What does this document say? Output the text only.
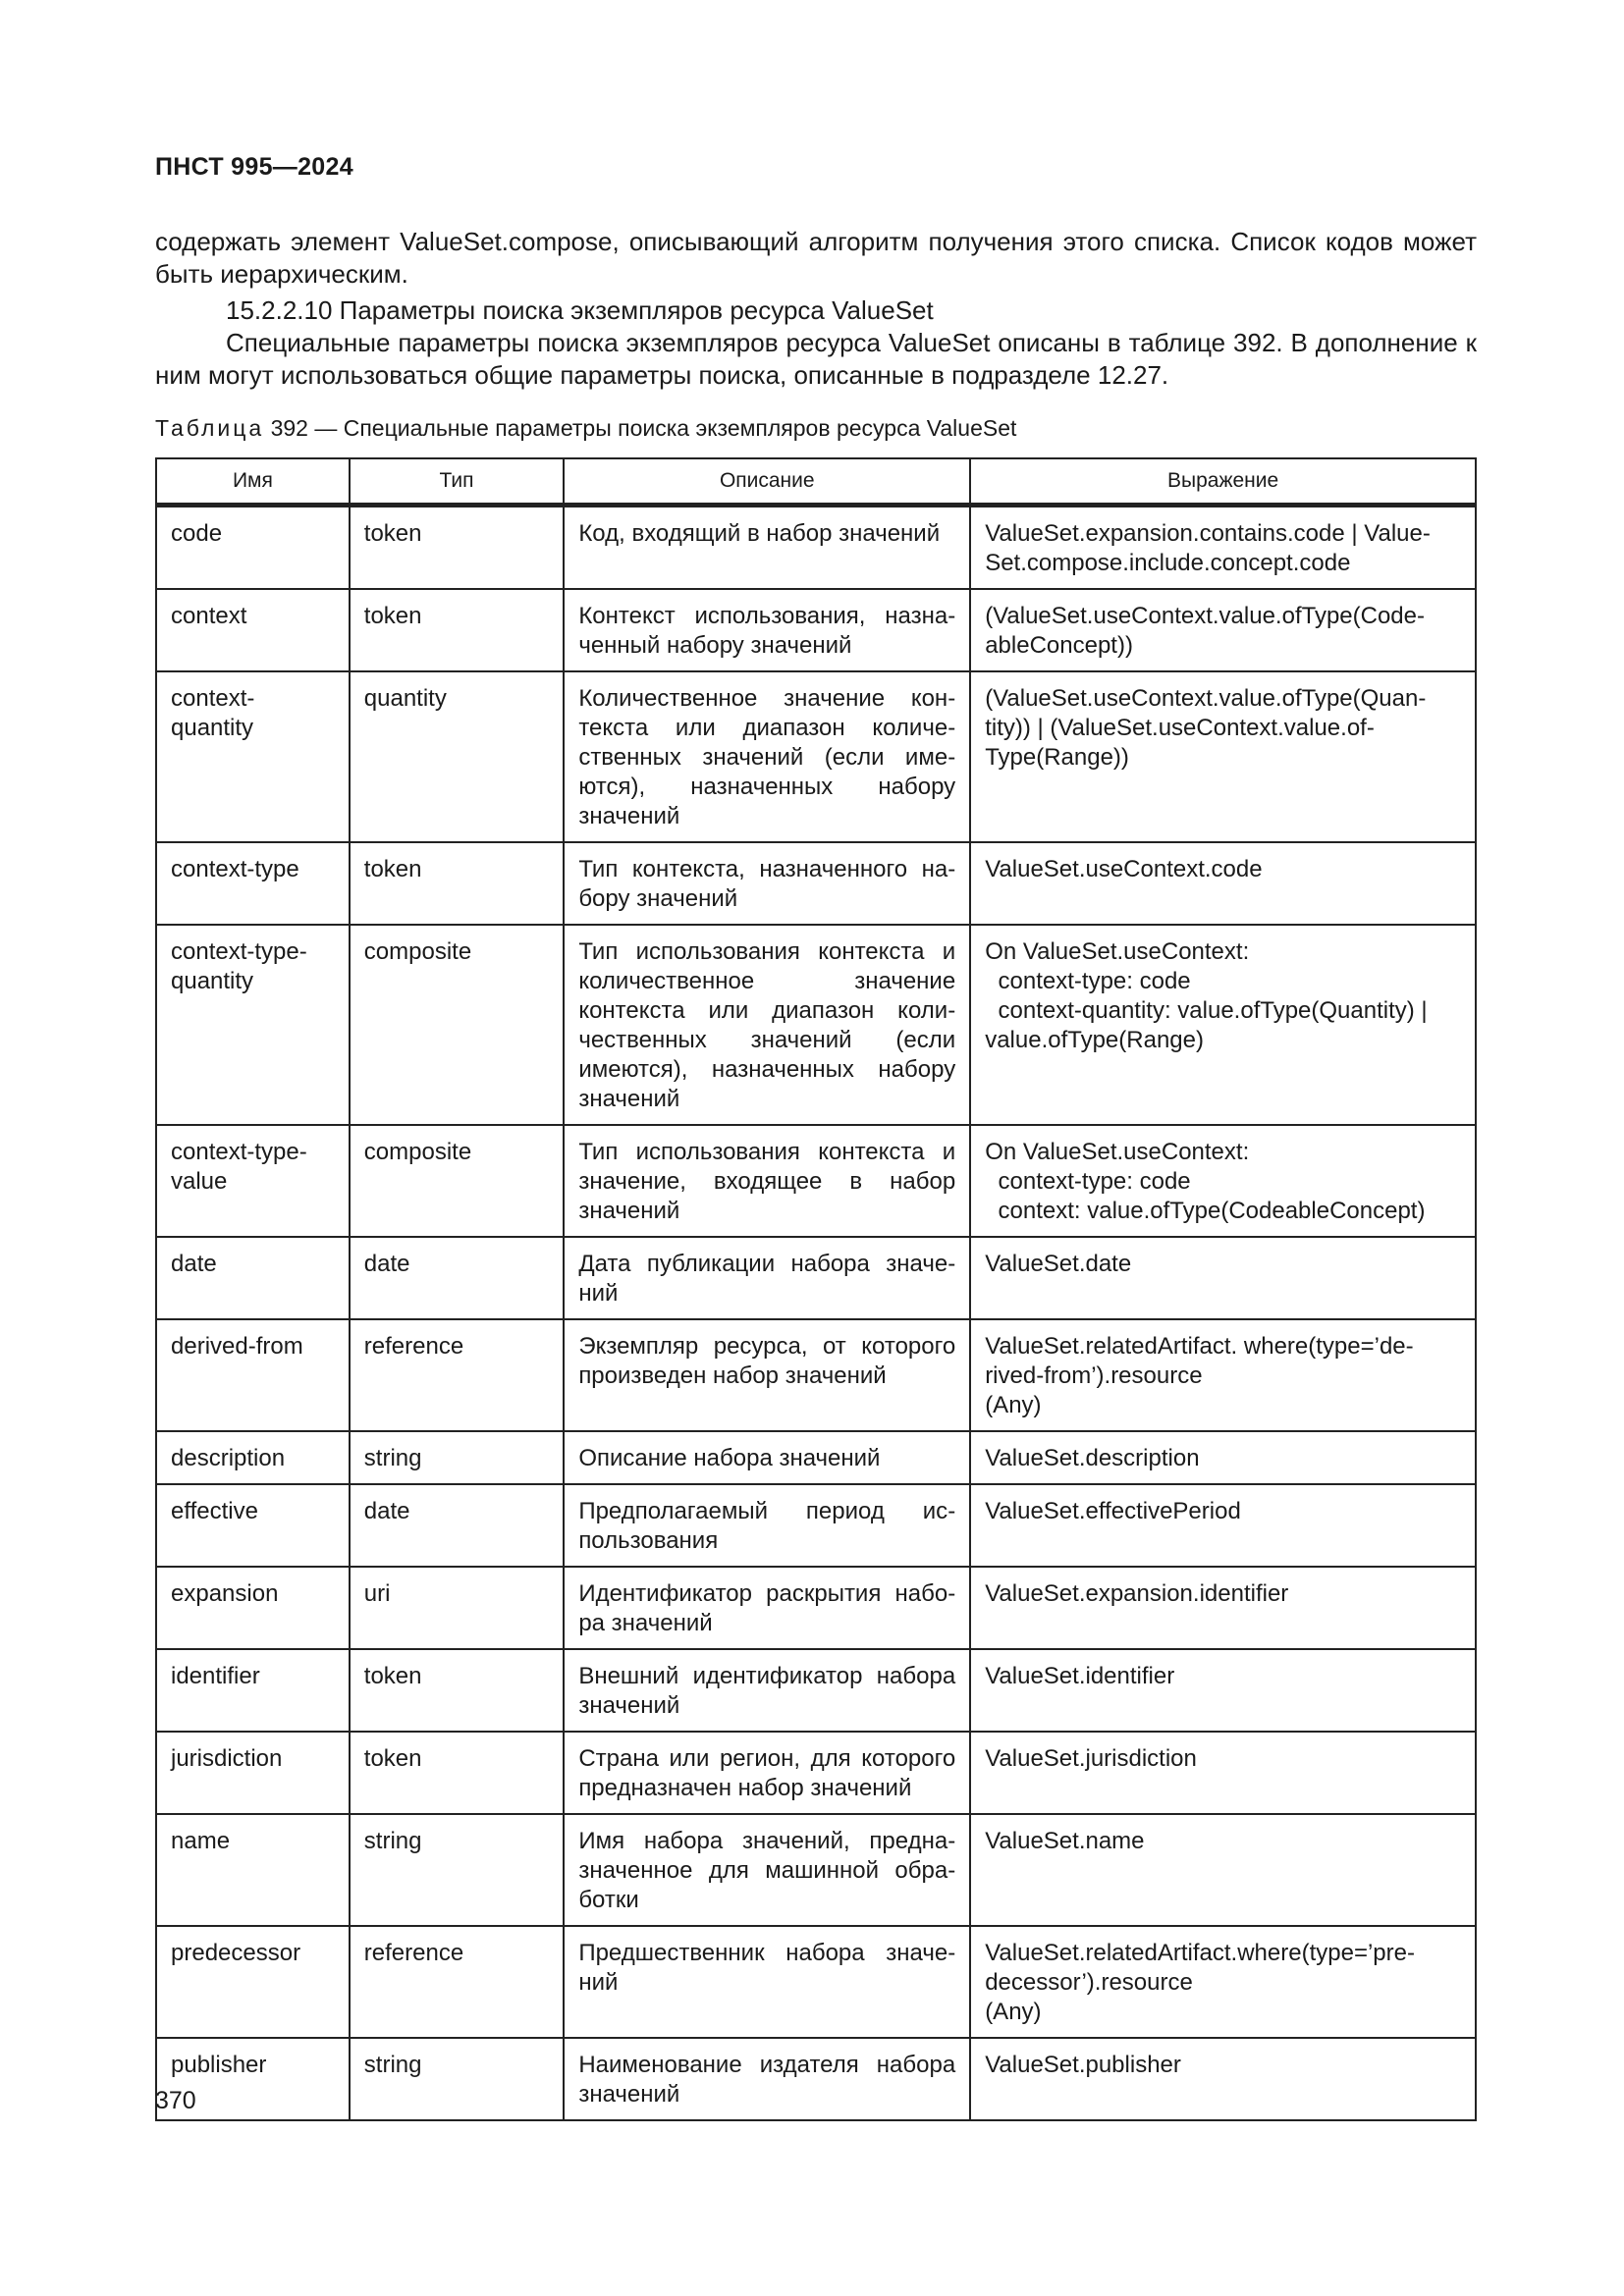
ПНСТ 995—2024
содержать элемент ValueSet.compose, описывающий алгоритм получения этого списка. Список кодов может быть иерархическим.
15.2.2.10 Параметры поиска экземпляров ресурса ValueSet
Специальные параметры поиска экземпляров ресурса ValueSet описаны в таблице 392. В дополнение к ним могут использоваться общие параметры поиска, описанные в подразделе 12.27.
Таблица 392 — Специальные параметры поиска экземпляров ресурса ValueSet
Имя	Тип	Описание	Выражение
code	token	Код, входящий в набор значений	ValueSet.expansion.contains.code | ValueSet.compose.include.concept.code
context	token	Контекст использования, назначенный набору значений	(ValueSet.useContext.value.ofType(CodeableConcept))
context-
quantity	quantity	Количественное значение контекста или диапазон количественных значений (если имеются), назначенных набору значений	(ValueSet.useContext.value.ofType(Quantity)) | (ValueSet.useContext.value.ofType(Range))
context-type	token	Тип контекста, назначенного набору значений	ValueSet.useContext.code
context-type-
quantity	composite	Тип использования контекста и количественное значение контекста или диапазон количественных значений (если имеются), назначенных набору значений	On ValueSet.useContext:
context-type: code
context-quantity: value.ofType(Quantity) |
value.ofType(Range)
context-type-
value	composite	Тип использования контекста и значение, входящее в набор значений	On ValueSet.useContext:
context-type: code
context: value.ofType(CodeableConcept)
date	date	Дата публикации набора значений	ValueSet.date
derived-from	reference	Экземпляр ресурса, от которого произведен набор значений	ValueSet.relatedArtifact. where(type=’derived-from’).resource
(Any)
description	string	Описание набора значений	ValueSet.description
effective	date	Предполагаемый период использования	ValueSet.effectivePeriod
expansion	uri	Идентификатор раскрытия набора значений	ValueSet.expansion.identifier
identifier	token	Внешний идентификатор набора значений	ValueSet.identifier
jurisdiction	token	Страна или регион, для которого предназначен набор значений	ValueSet.jurisdiction
name	string	Имя набора значений, предназначенное для машинной обработки	ValueSet.name
predecessor	reference	Предшественник набора значений	ValueSet.relatedArtifact.where(type=’predecessor’).resource
(Any)
publisher	string	Наименование издателя набора значений	ValueSet.publisher
370
